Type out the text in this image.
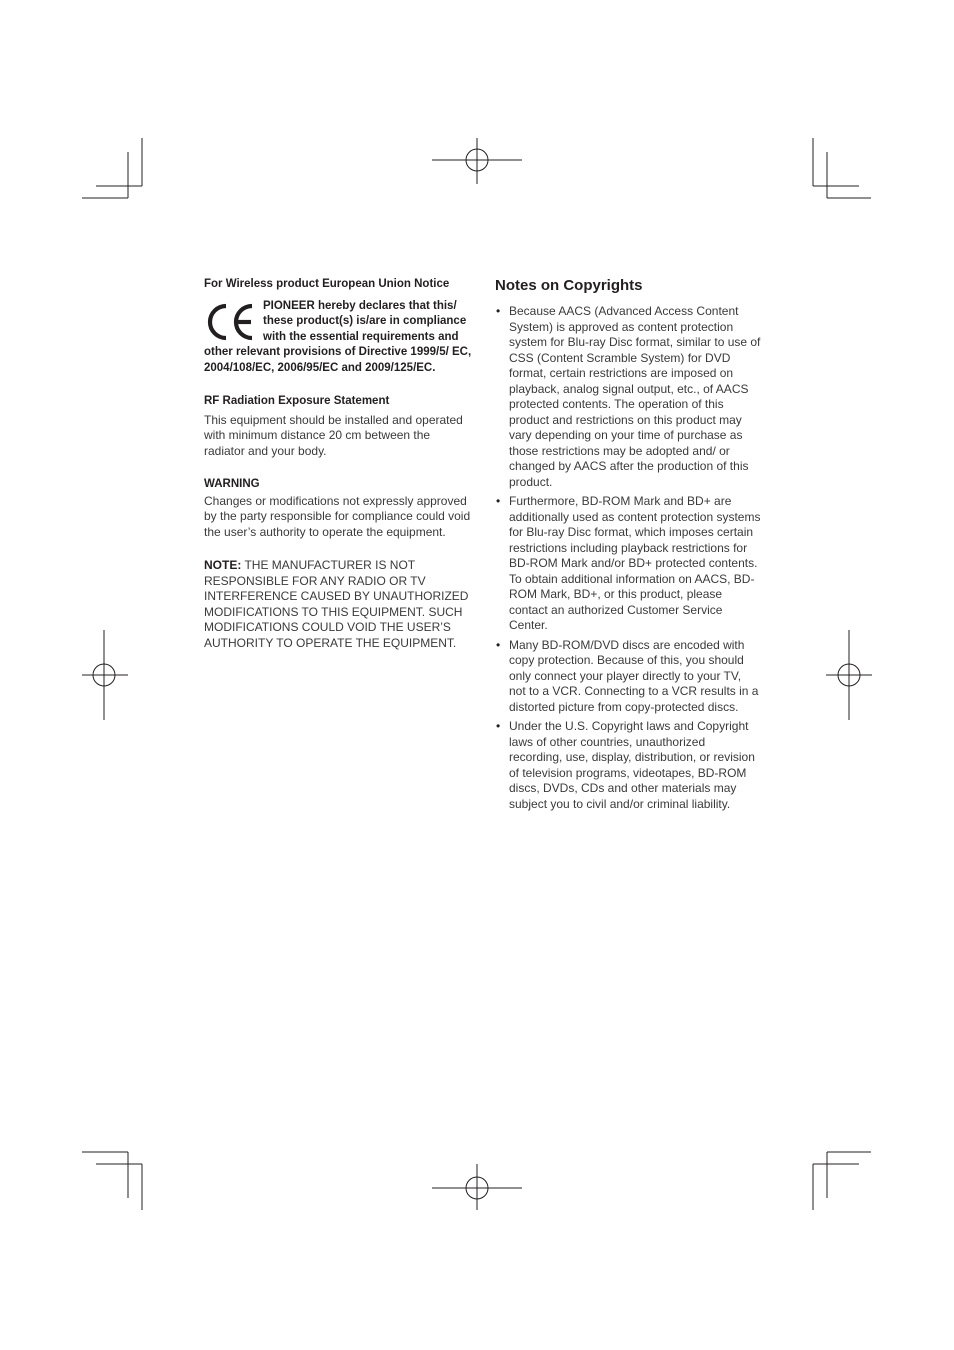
For Wireless product European Union Notice

PIONEER hereby declares that this/ these product(s) is/are in compliance with the essential requirements and other relevant provisions of Directive 1999/5/ EC, 2004/108/EC, 2006/95/EC and 2009/125/EC.

RF Radiation Exposure Statement

This equipment should be installed and operated with minimum distance 20 cm between the radiator and your body.

WARNING

Changes or modifications not expressly approved by the party responsible for compliance could void the user’s authority to operate the equipment.

NOTE: THE MANUFACTURER IS NOT RESPONSIBLE FOR ANY RADIO OR TV INTERFERENCE CAUSED BY UNAUTHORIZED MODIFICATIONS TO THIS EQUIPMENT. SUCH MODIFICATIONS COULD VOID THE USER’S AUTHORITY TO OPERATE THE EQUIPMENT.

Notes on Copyrights
• Because AACS (Advanced Access Content System) is approved as content protection system for Blu-ray Disc format, similar to use of CSS (Content Scramble System) for DVD format, certain restrictions are imposed on playback, analog signal output, etc., of AACS protected contents. The operation of this product and restrictions on this product may vary depending on your time of purchase as those restrictions may be adopted and/ or changed by AACS after the production of this product.
• Furthermore, BD-ROM Mark and BD+ are additionally used as content protection systems for Blu-ray Disc format, which imposes certain restrictions including playback restrictions for BD-ROM Mark and/or BD+ protected contents. To obtain additional information on AACS, BD-ROM Mark, BD+, or this product, please contact an authorized Customer Service Center.
• Many BD-ROM/DVD discs are encoded with copy protection. Because of this, you should only connect your player directly to your TV, not to a VCR. Connecting to a VCR results in a distorted picture from copy-protected discs.
• Under the U.S. Copyright laws and Copyright laws of other countries, unauthorized recording, use, display, distribution, or revision of television programs, videotapes, BD-ROM discs, DVDs, CDs and other materials may subject you to civil and/or criminal liability.
